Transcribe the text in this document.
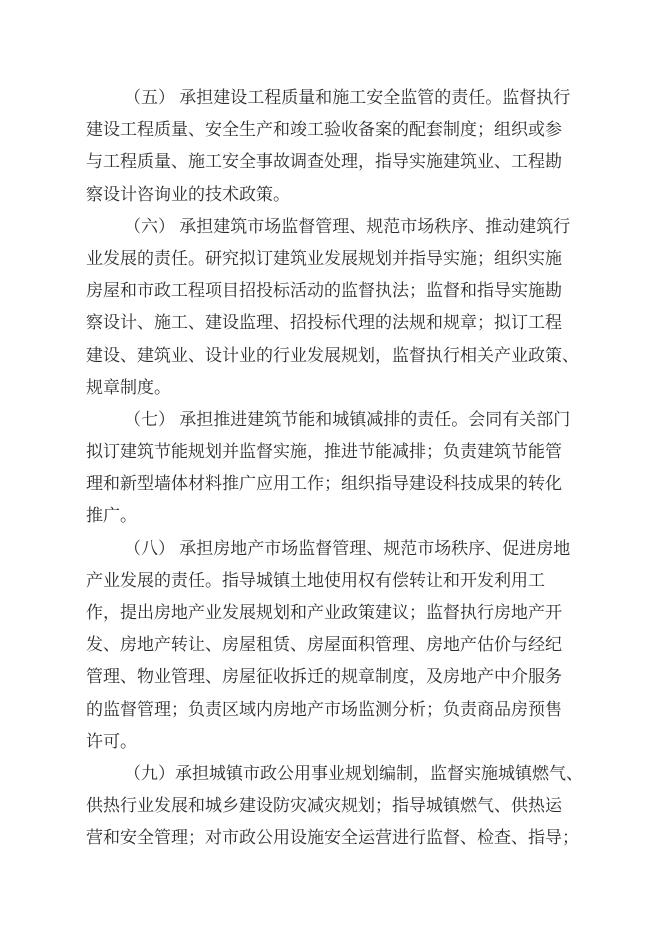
（五） 承担建设工程质量和施工安全监管的责任。监督执行
建设工程质量、安全生产和竣工验收备案的配套制度；组织或参
与工程质量、施工安全事故调查处理，指导实施建筑业、工程勘
察设计咨询业的技术政策。
（六） 承担建筑市场监督管理、规范市场秩序、推动建筑行
业发展的责任。研究拟订建筑业发展规划并指导实施；组织实施
房屋和市政工程项目招投标活动的监督执法；监督和指导实施勘
察设计、施工、建设监理、招投标代理的法规和规章；拟订工程
建设、建筑业、设计业的行业发展规划，监督执行相关产业政策、
规章制度。
（七） 承担推进建筑节能和城镇减排的责任。会同有关部门
拟订建筑节能规划并监督实施，推进节能减排；负责建筑节能管
理和新型墙体材料推广应用工作；组织指导建设科技成果的转化
推广。
（八） 承担房地产市场监督管理、规范市场秩序、促进房地
产业发展的责任。指导城镇土地使用权有偿转让和开发利用工
作，提出房地产业发展规划和产业政策建议；监督执行房地产开
发、房地产转让、房屋租赁、房屋面积管理、房地产估价与经纪
管理、物业管理、房屋征收拆迁的规章制度，及房地产中介服务
的监督管理；负责区域内房地产市场监测分析；负责商品房预售
许可。
（九）承担城镇市政公用事业规划编制，监督实施城镇燃气、
供热行业发展和城乡建设防灾减灾规划；指导城镇燃气、供热运
营和安全管理；对市政公用设施安全运营进行监督、检查、指导；
